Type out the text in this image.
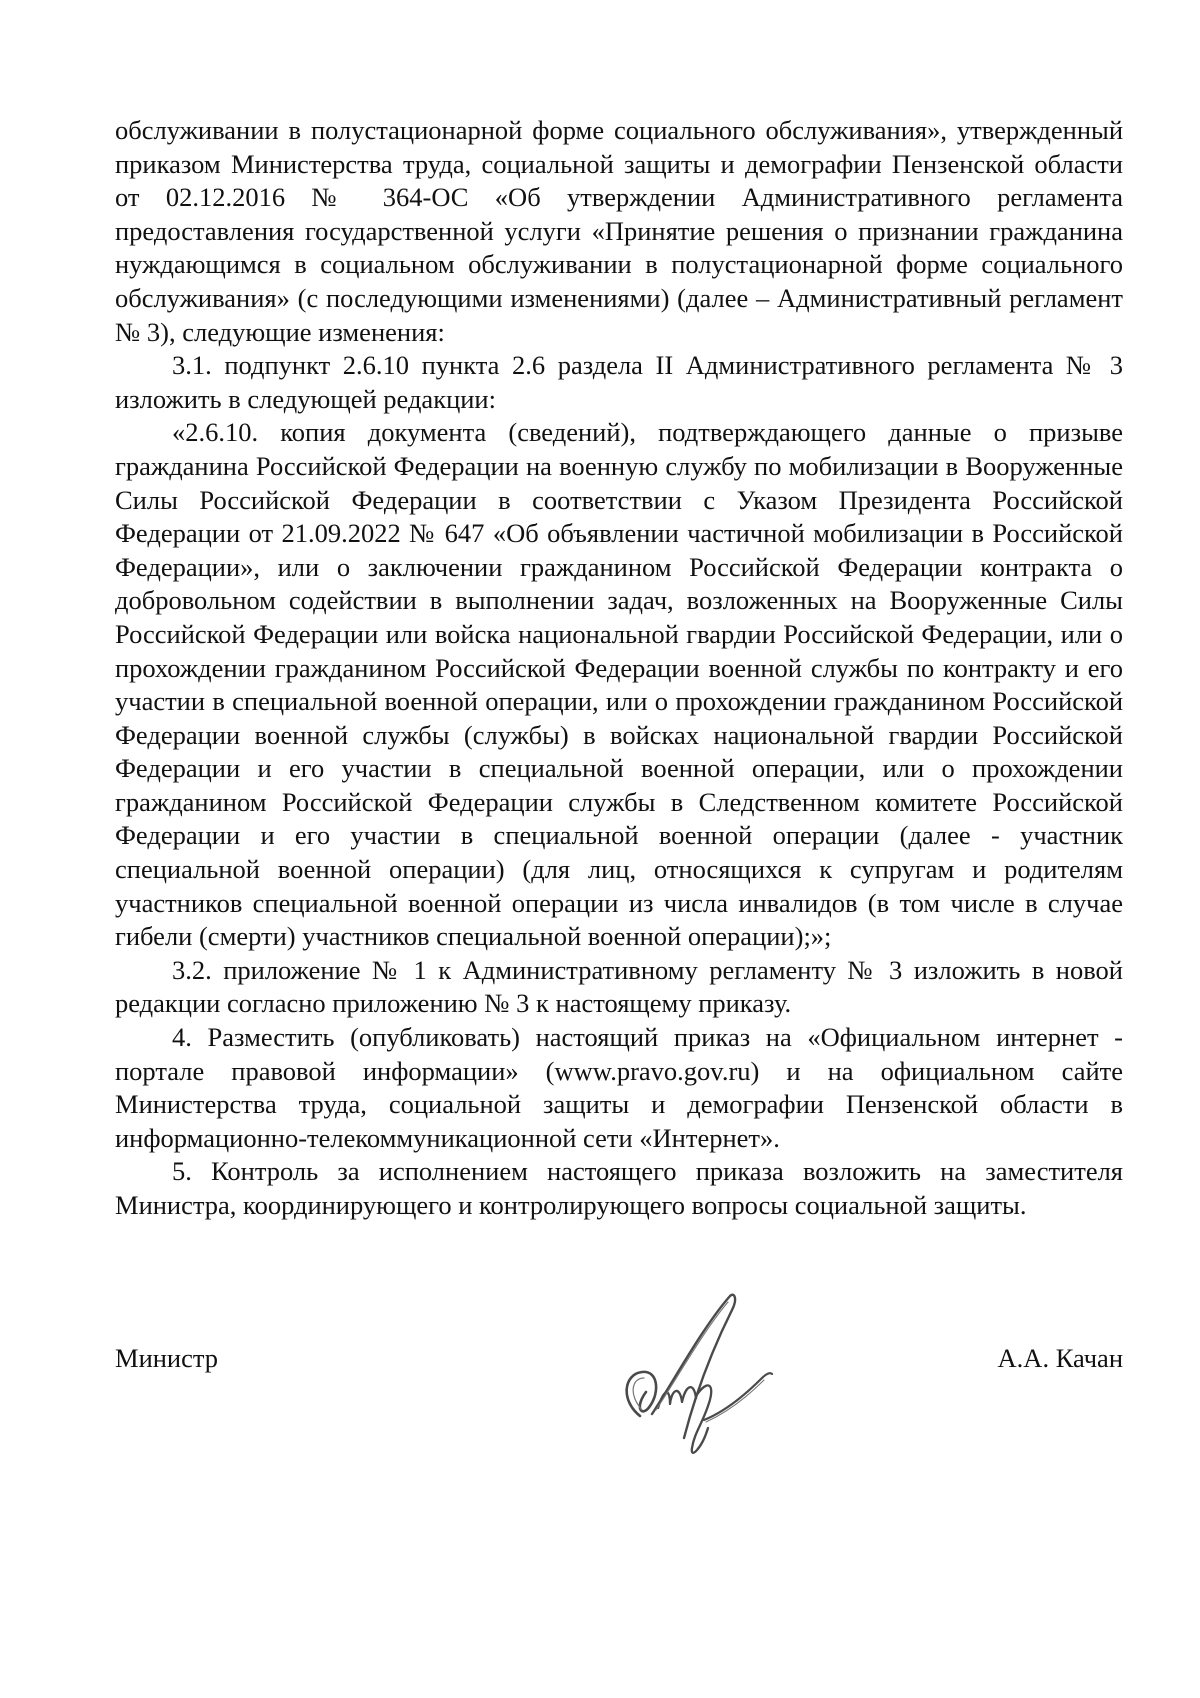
обслуживании в полустационарной форме социального обслуживания», утвержденный приказом Министерства труда, социальной защиты и демографии Пензенской области от 02.12.2016 № 364-ОС «Об утверждении Административного регламента предоставления государственной услуги «Принятие решения о признании гражданина нуждающимся в социальном обслуживании в полустационарной форме социального обслуживания» (с последующими изменениями) (далее – Административный регламент № 3), следующие изменения:

3.1. подпункт 2.6.10 пункта 2.6 раздела II Административного регламента № 3 изложить в следующей редакции:

«2.6.10. копия документа (сведений), подтверждающего данные о призыве гражданина Российской Федерации на военную службу по мобилизации в Вооруженные Силы Российской Федерации в соответствии с Указом Президента Российской Федерации от 21.09.2022 № 647 «Об объявлении частичной мобилизации в Российской Федерации», или о заключении гражданином Российской Федерации контракта о добровольном содействии в выполнении задач, возложенных на Вооруженные Силы Российской Федерации или войска национальной гвардии Российской Федерации, или о прохождении гражданином Российской Федерации военной службы по контракту и его участии в специальной военной операции, или о прохождении гражданином Российской Федерации военной службы (службы) в войсках национальной гвардии Российской Федерации и его участии в специальной военной операции, или о прохождении гражданином Российской Федерации службы в Следственном комитете Российской Федерации и его участии в специальной военной операции (далее - участник специальной военной операции) (для лиц, относящихся к супругам и родителям участников специальной военной операции из числа инвалидов (в том числе в случае гибели (смерти) участников специальной военной операции);»;

3.2. приложение № 1 к Административному регламенту № 3 изложить в новой редакции согласно приложению № 3 к настоящему приказу.

4. Разместить (опубликовать) настоящий приказ на «Официальном интернет - портале правовой информации» (www.pravo.gov.ru) и на официальном сайте Министерства труда, социальной защиты и демографии Пензенской области в информационно-телекоммуникационной сети «Интернет».

5. Контроль за исполнением настоящего приказа возложить на заместителя Министра, координирующего и контролирующего вопросы социальной защиты.

Министр	А.А. Качан
